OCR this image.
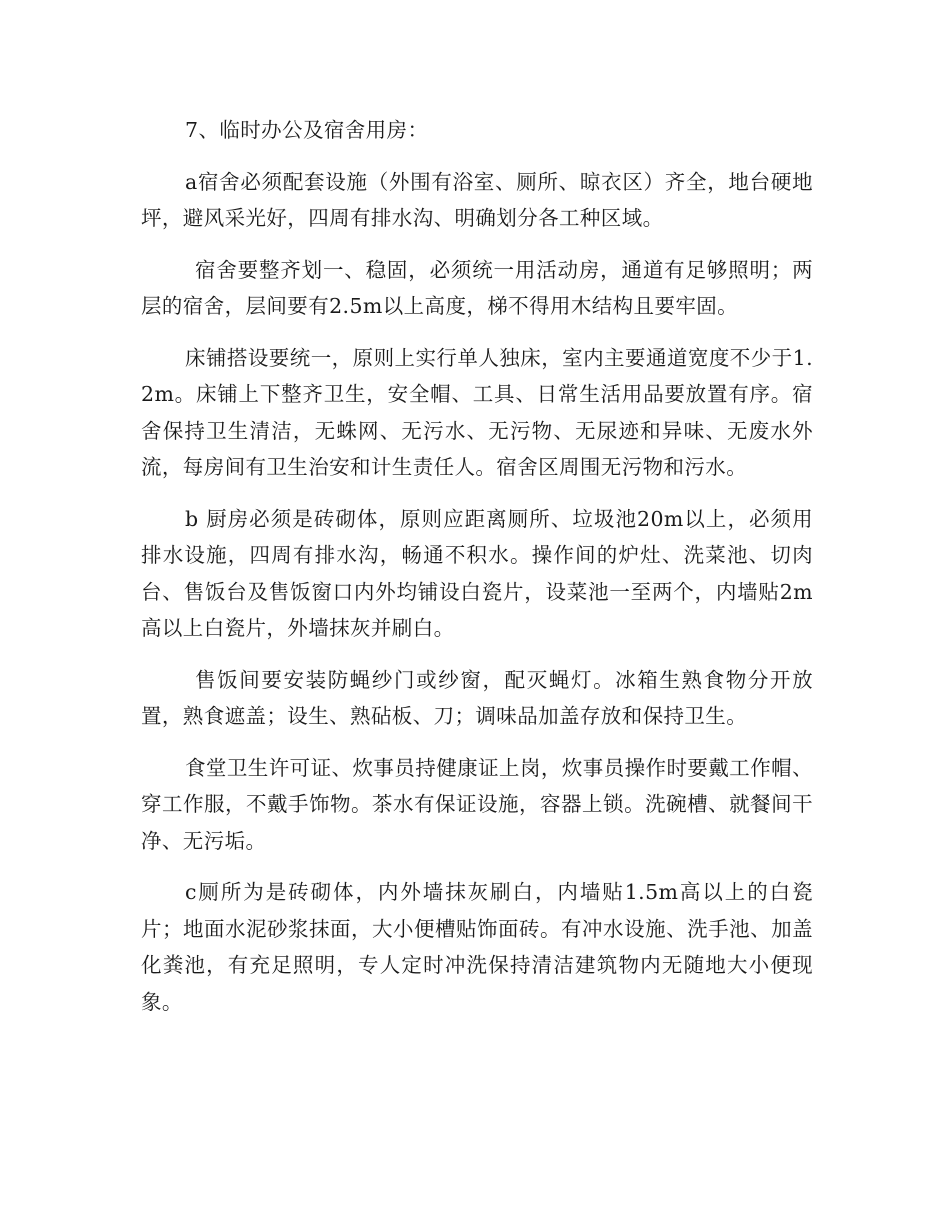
7、临时办公及宿舍用房：

a宿舍必须配套设施（外围有浴室、厕所、晾衣区）齐全，地台硬地坪，避风采光好，四周有排水沟、明确划分各工种区域。

宿舍要整齐划一、稳固，必须统一用活动房，通道有足够照明；两层的宿舍，层间要有2.5m以上高度，梯不得用木结构且要牢固。

床铺搭设要统一，原则上实行单人独床，室内主要通道宽度不少于1.2m。床铺上下整齐卫生，安全帽、工具、日常生活用品要放置有序。宿舍保持卫生清洁，无蛛网、无污水、无污物、无尿迹和异味、无废水外流，每房间有卫生治安和计生责任人。宿舍区周围无污物和污水。

b 厨房必须是砖砌体，原则应距离厕所、垃圾池20m以上，必须用排水设施，四周有排水沟，畅通不积水。操作间的炉灶、洗菜池、切肉台、售饭台及售饭窗口内外均铺设白瓷片，设菜池一至两个，内墙贴2m高以上白瓷片，外墙抹灰并刷白。

售饭间要安装防蝇纱门或纱窗，配灭蝇灯。冰箱生熟食物分开放置，熟食遮盖；设生、熟砧板、刀；调味品加盖存放和保持卫生。

食堂卫生许可证、炊事员持健康证上岗，炊事员操作时要戴工作帽、穿工作服，不戴手饰物。茶水有保证设施，容器上锁。洗碗槽、就餐间干净、无污垢。

c厕所为是砖砌体，内外墙抹灰刷白，内墙贴1.5m高以上的白瓷片；地面水泥砂浆抹面，大小便槽贴饰面砖。有冲水设施、洗手池、加盖化粪池，有充足照明，专人定时冲洗保持清洁建筑物内无随地大小便现象。
